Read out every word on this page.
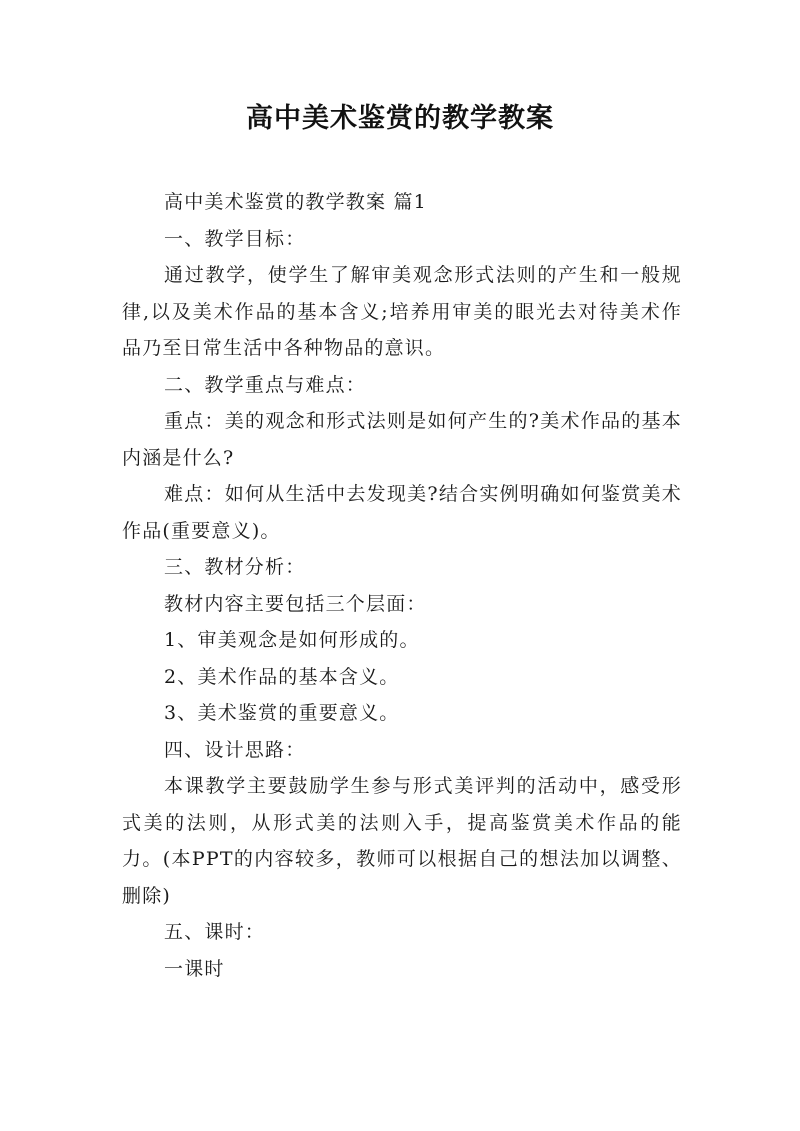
高中美术鉴赏的教学教案

高中美术鉴赏的教学教案 篇1

一、教学目标：

通过教学，使学生了解审美观念形式法则的产生和一般规律,以及美术作品的基本含义;培养用审美的眼光去对待美术作品乃至日常生活中各种物品的意识。

二、教学重点与难点：

重点：美的观念和形式法则是如何产生的?美术作品的基本内涵是什么?

难点：如何从生活中去发现美?结合实例明确如何鉴赏美术作品(重要意义)。

三、教材分析：

教材内容主要包括三个层面：

1、审美观念是如何形成的。

2、美术作品的基本含义。

3、美术鉴赏的重要意义。

四、设计思路：

本课教学主要鼓励学生参与形式美评判的活动中，感受形式美的法则，从形式美的法则入手，提高鉴赏美术作品的能力。(本PPT的内容较多，教师可以根据自己的想法加以调整、删除)

五、课时：

一课时
